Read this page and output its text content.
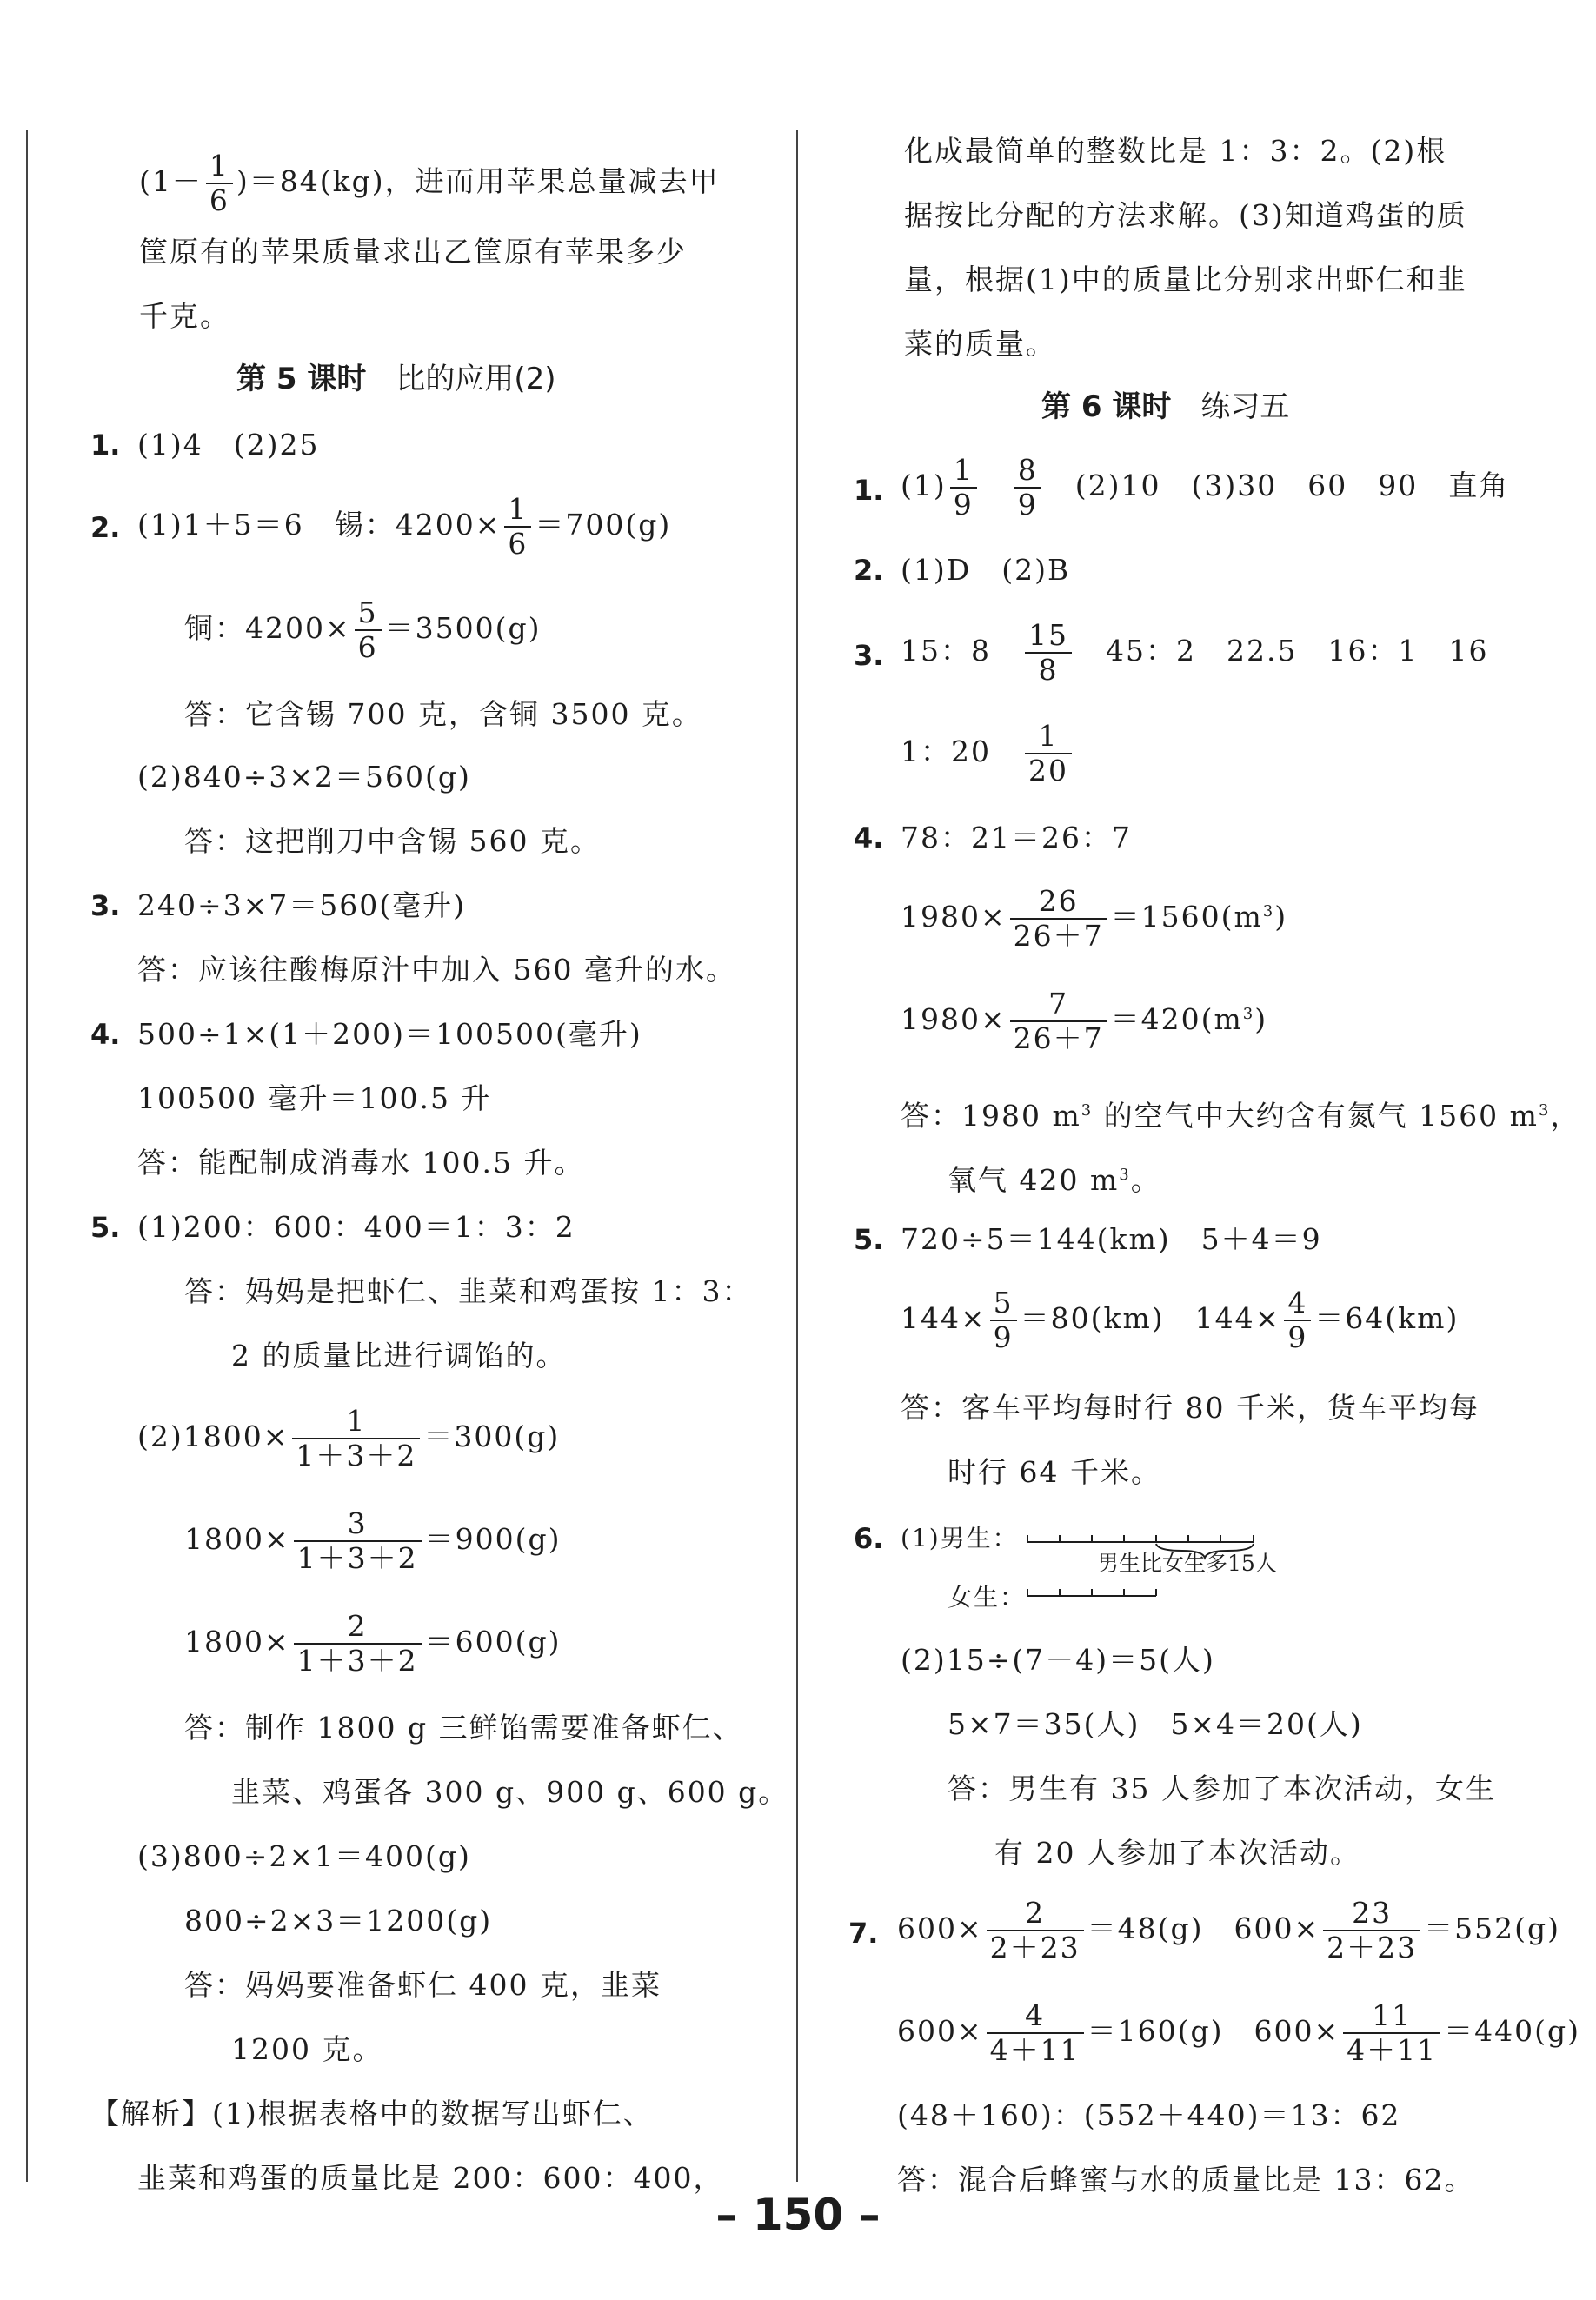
$(1- \frac{1}{6} )=84(kg)$，进而用苹果总量减去甲
筐原有的苹果质量求出乙筐原有苹果多少
千克。
第 5 课时 比的应用(2)
1. (1)4　(2)25
2. (1)1＋5＝6　锡：$4200\times \frac{1}{6} =700(g)$
铜：$4200\times \frac{5}{6} =3500(g)$
答：它含锡 700 克，含铜 3500 克。
(2)840÷3×2＝560(g)
答：这把削刀中含锡 560 克。
3. 240÷3×7＝560(毫升)
答：应该往酸梅原汁中加入 560 毫升的水。
4. 500÷1×(1＋200)＝100500(毫升)
100500 毫升＝100.5 升
答：能配制成消毒水 100.5 升。
5. (1)200：600：400＝1：3：2
答：妈妈是把虾仁、韭菜和鸡蛋按 1：3：
2 的质量比进行调馅的。
$(2)1800\times \frac{1}{1+3+2} =300(g)$
$1800\times \frac{3}{1+3+2} =900(g)$
$1800\times \frac{2}{1+3+2} =600(g)$
答：制作 1800 g 三鲜馅需要准备虾仁、
韭菜、鸡蛋各 300 g、900 g、600 g。
(3)800÷2×1＝400(g)
800÷2×3＝1200(g)
答：妈妈要准备虾仁 400 克，韭菜
1200 克。
【解析】(1)根据表格中的数据写出虾仁、
韭菜和鸡蛋的质量比是 200：600：400，
化成最简单的整数比是 1：3：2。(2)根
据按比分配的方法求解。(3)知道鸡蛋的质
量，根据(1)中的质量比分别求出虾仁和韭
菜的质量。
第 6 课时 练习五
1. $(1) \frac{1}{9}$
　 $\frac{8}{9}$
　 (2)10　(3)30　60　90　直角
2. (1)D　(2)B
3. 15：8　 $\frac{15}{8}$
　 45：2　22.5　16：1　16
1：20　 $\frac{1}{20}$
4. 78：21＝26：7
$1980\times \frac{26}{26+7} =1560(m^3)$
$1980\times \frac{7}{26+7} =420(m^3)$
答：1980 $m^3$ 的空气中大约含有氮气 1560 $m^3$，
氧气 420 $m^3$。
5. 720÷5＝144(km)　5＋4＝9
$144\times \frac{5}{9} =80(km)$　$144\times \frac{4}{9} =64(km)$
答：客车平均每时行 80 千米，货车平均每
时行 64 千米。
6. (1)男生：
女生：
男生比女生多15人
(2)15÷(7－4)＝5(人)
5×7＝35(人)　5×4＝20(人)
答：男生有 35 人参加了本次活动，女生
有 20 人参加了本次活动。
7. $600\times \frac{2}{2+23} =48(g)$　$600\times \frac{23}{2+23} =552(g)$
$600\times \frac{4}{4+11} =160(g)$　$600\times \frac{11}{4+11} =440(g)$
(48＋160)：(552＋440)＝13：62
答：混合后蜂蜜与水的质量比是 13：62。
– 150 –
